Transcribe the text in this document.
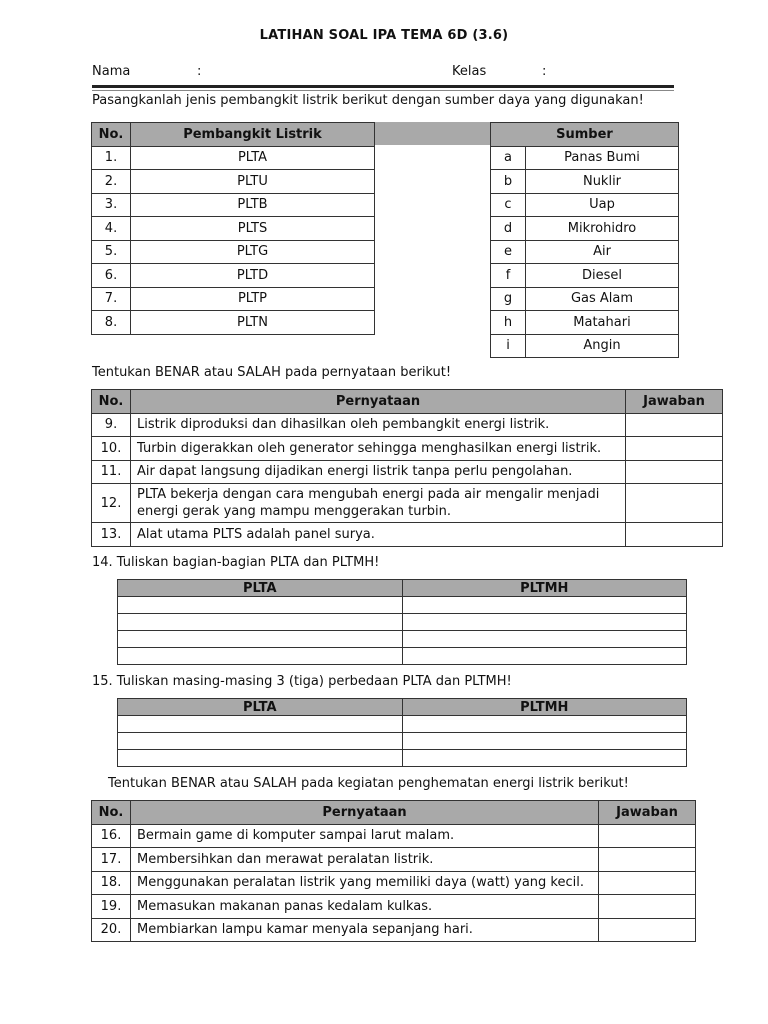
LATIHAN SOAL IPA TEMA 6D (3.6)
Nama	:	Kelas	:
Pasangkanlah jenis pembangkit listrik berikut dengan sumber daya yang digunakan!
No.	Pembangkit Listrik
1.	PLTA
2.	PLTU
3.	PLTB
4.	PLTS
5.	PLTG
6.	PLTD
7.	PLTP
8.	PLTN
Sumber	
a	Panas Bumi
b	Nuklir
c	Uap
d	Mikrohidro
e	Air
f	Diesel
g	Gas Alam
h	Matahari
i	Angin
Tentukan BENAR atau SALAH pada pernyataan berikut!
No.	Pernyataan	Jawaban
9.	Listrik diproduksi dan dihasilkan oleh pembangkit energi listrik.	
10.	Turbin digerakkan oleh generator sehingga menghasilkan energi listrik.	
11.	Air dapat langsung dijadikan energi listrik tanpa perlu pengolahan.	
12.	PLTA bekerja dengan cara mengubah energi pada air mengalir menjadi energi gerak yang mampu menggerakan turbin.	
13.	Alat utama PLTS adalah panel surya.	
14. Tuliskan bagian-bagian PLTA dan PLTMH!
PLTA	PLTMH

15. Tuliskan masing-masing 3 (tiga) perbedaan PLTA dan PLTMH!
PLTA	PLTMH

Tentukan BENAR atau SALAH pada kegiatan penghematan energi listrik berikut!
No.	Pernyataan	Jawaban
16.	Bermain game di komputer sampai larut malam.	
17.	Membersihkan dan merawat peralatan listrik.	
18.	Menggunakan peralatan listrik yang memiliki daya (watt) yang kecil.	
19.	Memasukan makanan panas kedalam kulkas.	
20.	Membiarkan lampu kamar menyala sepanjang hari.	
